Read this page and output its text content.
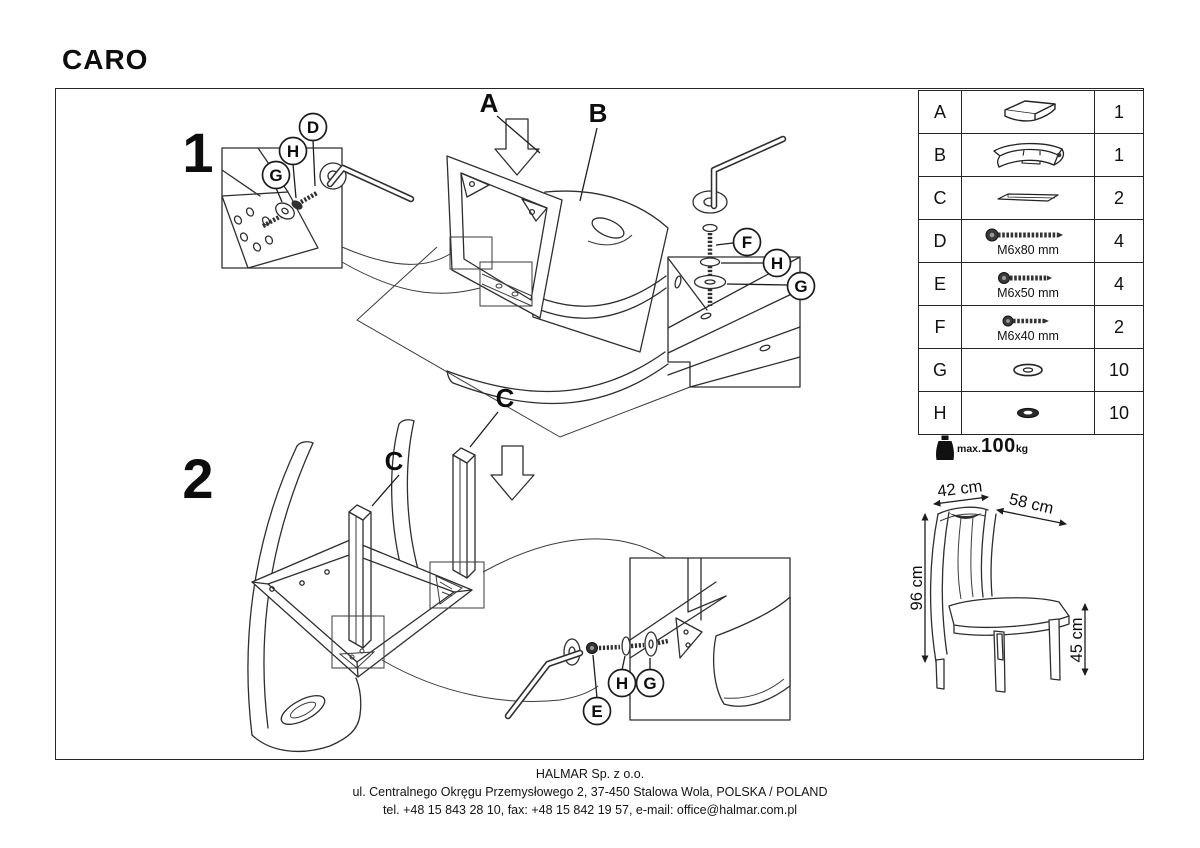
CARO
1	G
H
D
A	B
F
H
G
2	C
C
H G
E
42 cm
58 cm
96 cm
45 cm
A		1
B		1
C		2
D	M6x80 mm	4
E	M6x50 mm	4
F	M6x40 mm	2
G		10
H		10
max. 100 kg
HALMAR Sp. z o.o.
ul. Centralnego Okręgu Przemysłowego 2, 37-450 Stalowa Wola, POLSKA / POLAND
tel. +48 15 843 28 10, fax: +48 15 842 19 57, e-mail: office@halmar.com.pl
